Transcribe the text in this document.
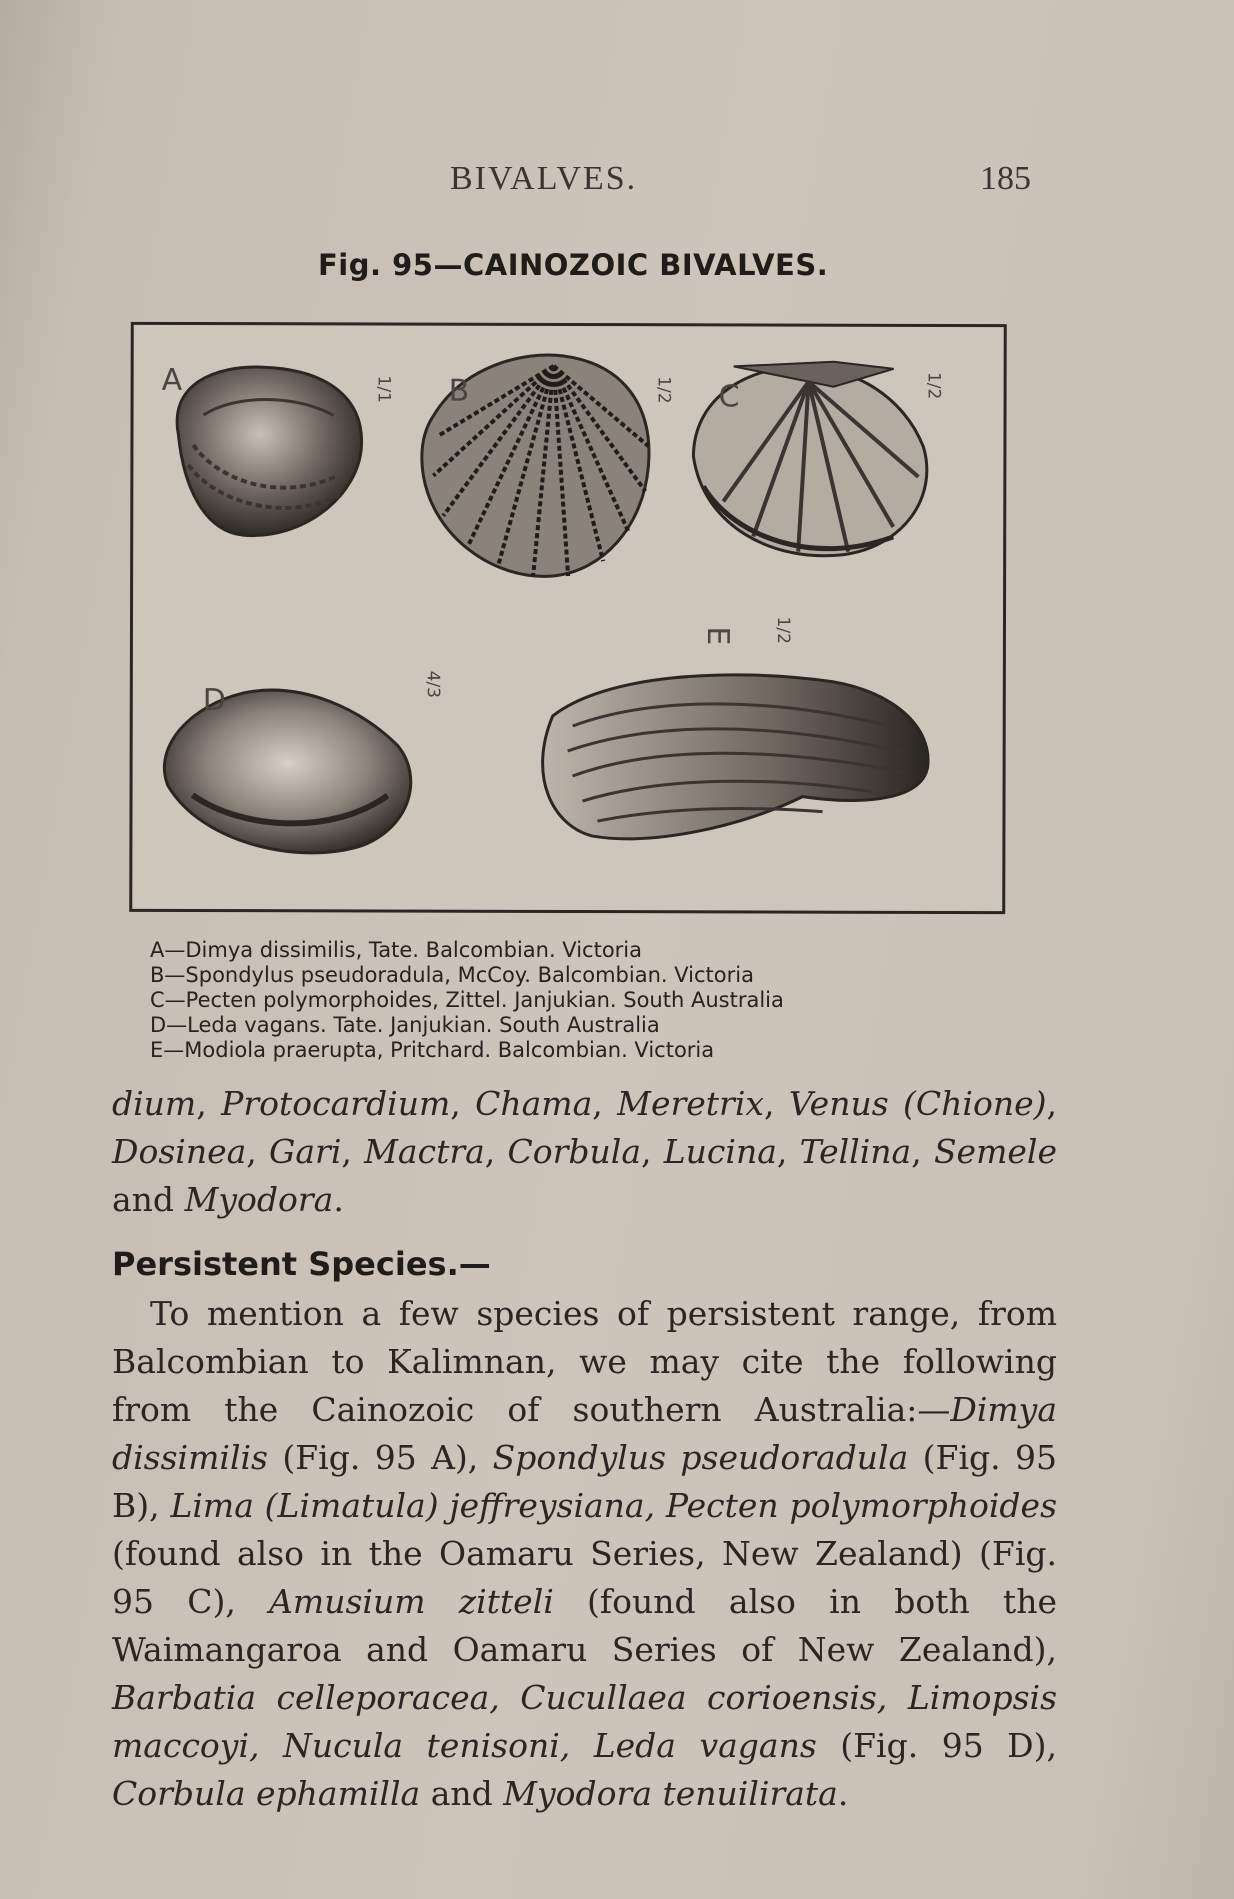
BIVALVES.	185
Fig. 95—CAINOZOIC BIVALVES.
A	1/1 B	1/2 C	1/2
D	4/3
E 1/2
A—Dimya dissimilis, Tate. Balcombian. Victoria
B—Spondylus pseudoradula, McCoy. Balcombian. Victoria
C—Pecten polymorphoides, Zittel. Janjukian. South Australia
D—Leda vagans. Tate. Janjukian. South Australia
E—Modiola praerupta, Pritchard. Balcombian. Victoria

dium, Protocardium, Chama, Meretrix, Venus (Chione), Dosinea, Gari, Mactra, Corbula, Lucina, Tellina, Semele and Myodora.

Persistent Species.—

To mention a few species of persistent range, from Balcombian to Kalimnan, we may cite the following from the Cainozoic of southern Australia:—Dimya dissimilis (Fig. 95 A), Spondylus pseudoradula (Fig. 95 B), Lima (Limatula) jeffreysiana, Pecten polymorphoides (found also in the Oamaru Series, New Zealand) (Fig. 95 C), Amusium zitteli (found also in both the Waimangaroa and Oamaru Series of New Zealand), Barbatia celleporacea, Cucullaea corioensis, Limopsis maccoyi, Nucula tenisoni, Leda vagans (Fig. 95 D), Corbula ephamilla and Myodora tenuilirata.
